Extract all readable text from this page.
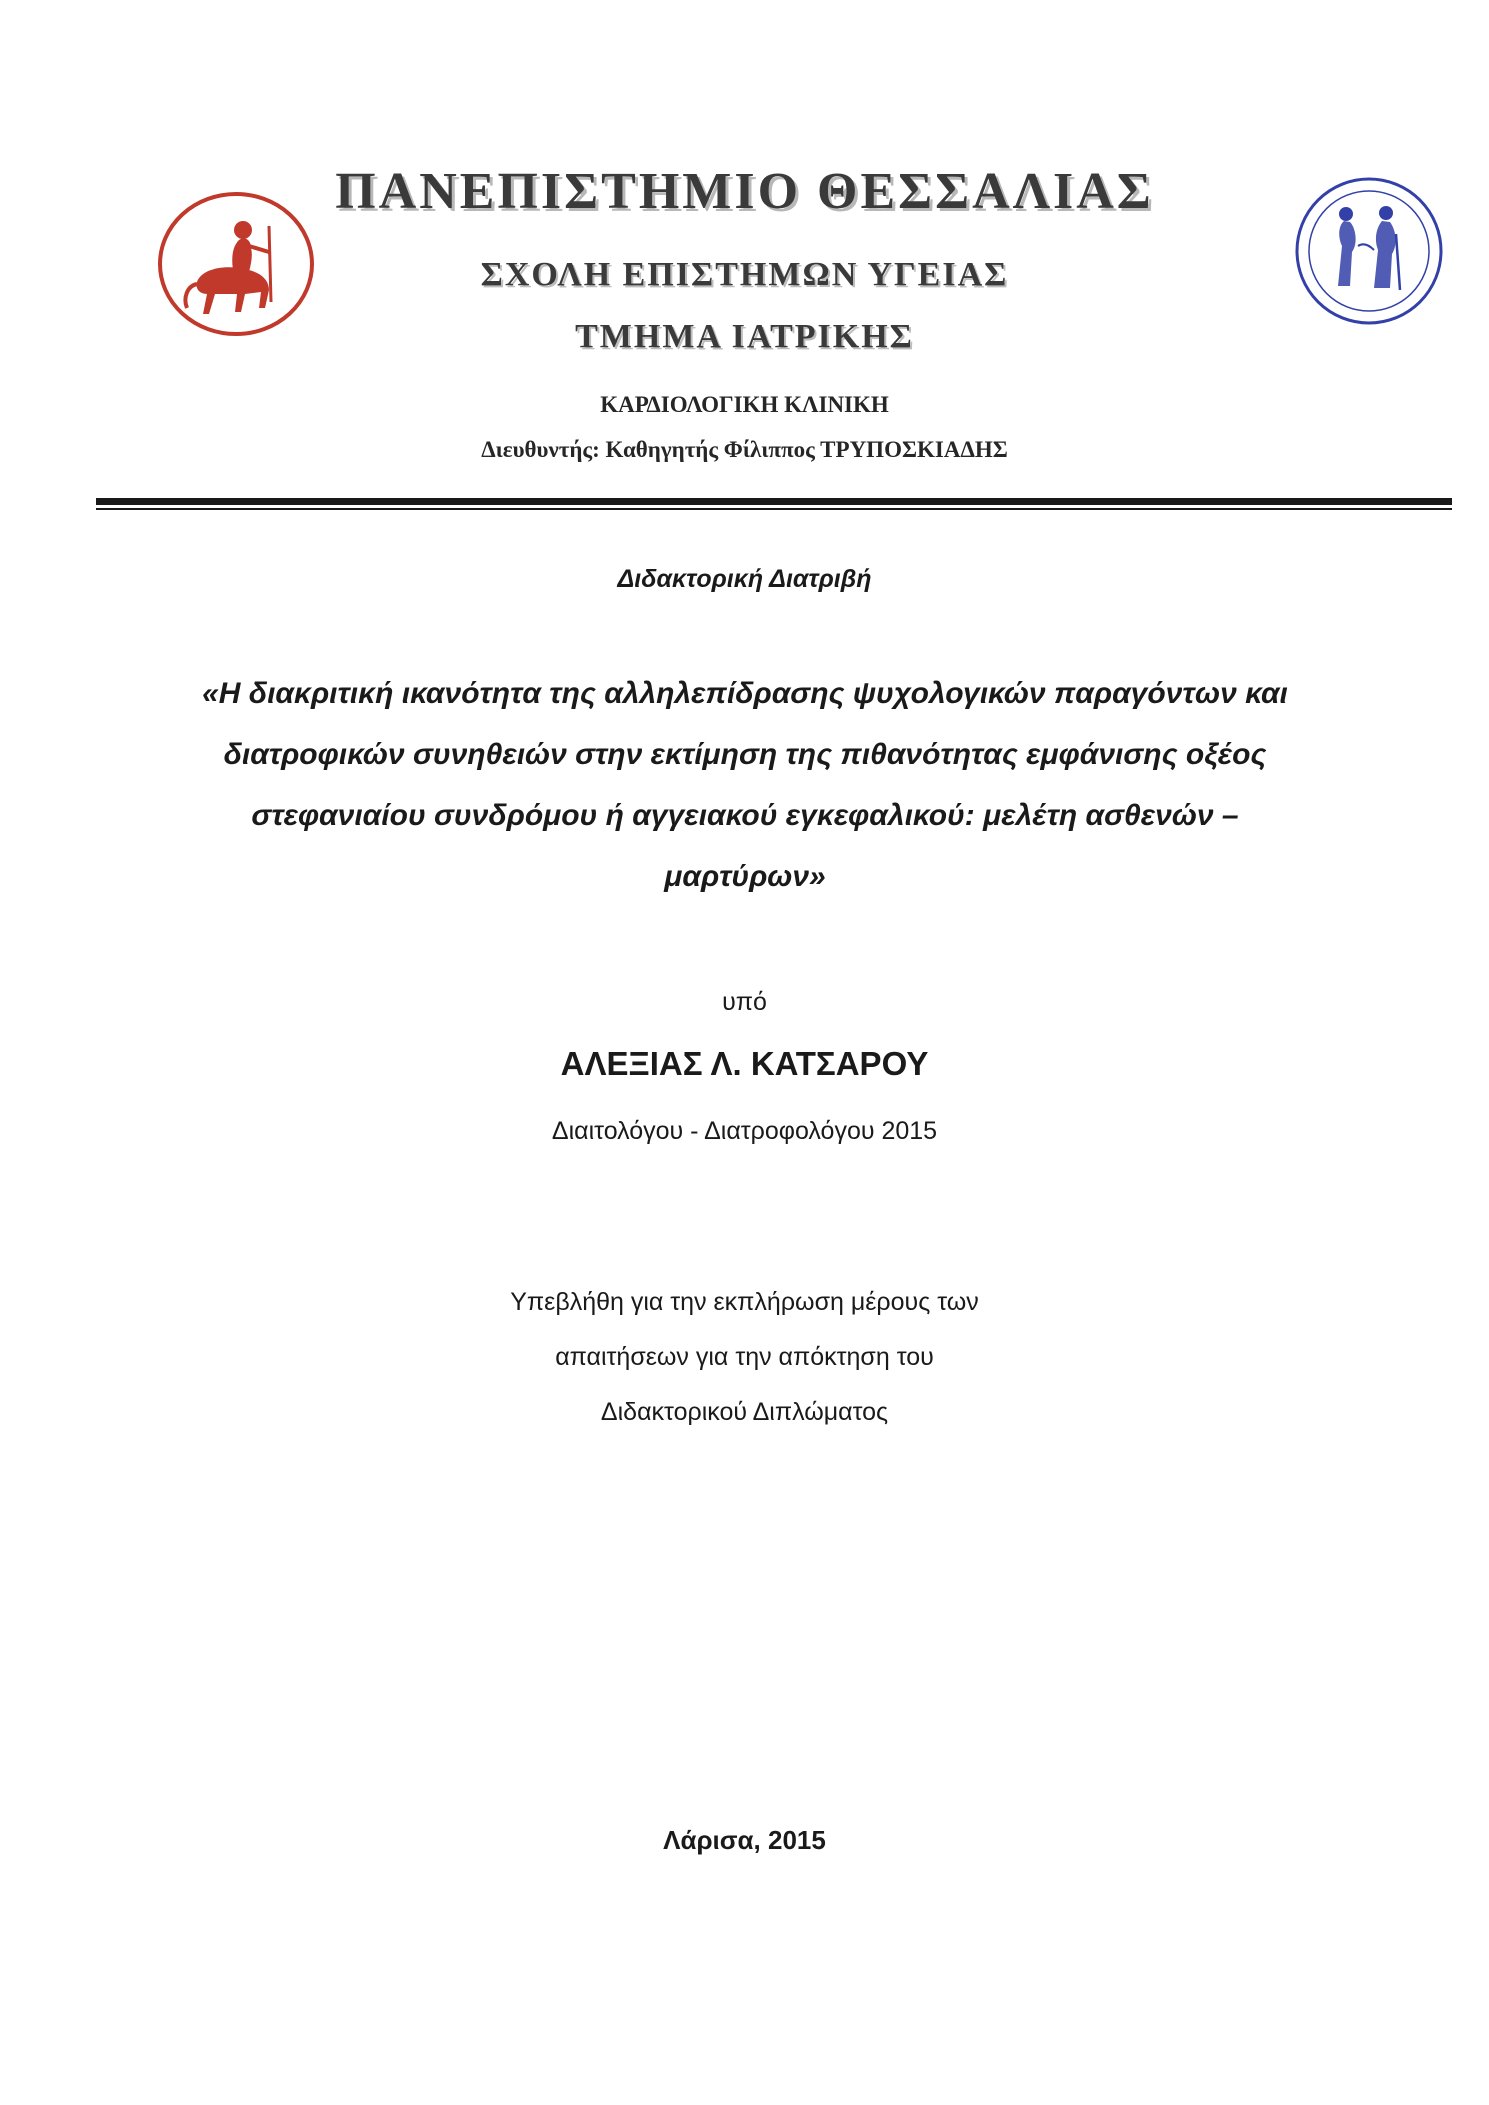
ΠΑΝΕΠΙΣΤΗΜΙΟ ΘΕΣΣΑΛΙΑΣ
ΣΧΟΛΗ ΕΠΙΣΤΗΜΩΝ ΥΓΕΙΑΣ
ΤΜΗΜΑ ΙΑΤΡΙΚΗΣ
ΚΑΡΔΙΟΛΟΓΙΚΗ ΚΛΙΝΙΚΗ
Διευθυντής: Καθηγητής Φίλιππος ΤΡΥΠΟΣΚΙΑΔΗΣ
Διδακτορική Διατριβή
«Η διακριτική ικανότητα της αλληλεπίδρασης ψυχολογικών παραγόντων και
διατροφικών συνηθειών στην εκτίμηση της πιθανότητας εμφάνισης οξέος
στεφανιαίου συνδρόμου ή αγγειακού εγκεφαλικού: μελέτη ασθενών –
μαρτύρων»
υπό
ΑΛΕΞΙΑΣ Λ. ΚΑΤΣΑΡΟΥ
Διαιτολόγου - Διατροφολόγου 2015
Υπεβλήθη για την εκπλήρωση μέρους των
απαιτήσεων για την απόκτηση του
Διδακτορικού Διπλώματος
Λάρισα, 2015
